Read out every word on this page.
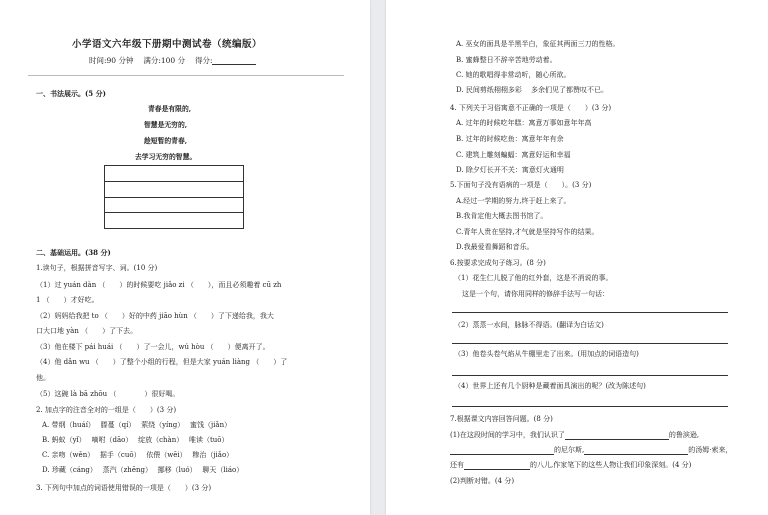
小学语文六年级下册期中测试卷（统编版）
时间:90 分钟　 满分:100 分　 得分:
一、书法展示。(5 分)
青春是有限的,
智慧是无穷的,
趁短暂的青春,
去学习无穷的智慧。
二、基础运用。(38 分)
1.读句子，根据拼音写字、词。(10 分)
（1）过 yuán dàn （　　）的时候要吃 jiǎo zi （　　），而且必须趣着 cū zh
1 （　　）才好吃。
（2）妈妈给我把 to （　　）好的中药 jiāo hùn （　　）了下递给我，我大
口大口地 yàn （　　）了下去。
（3）他在楼下 pái huái （　　）了一会儿，wú hòu （　　）便离开了。
（4）他 dǎn wu （　　）了整个小组的行程，但是大家 yuán liàng （　　）了
他。
（5）这碗 là bā zhōu （　　　　）很好喝。
2. 加点字的注音全对的一组是（　　）(3 分)
A. 带纲（huáí）　 滕蔓（qí）　 萦绕（yíng）　 蜜饯（jiǎn）
B. 蚂蚁（yǐ）　 嘀咐（dāo）　 绽放（chàn）　 唯读（tuō）
C. 亲吻（wěn）　 据手（cuō）　 依偎（wēi）　 糁治（jiǎo）
D. 珍藏（cáng）　 蒸汽（zhēng）　 挪移（luó）　 聊天（liáo）
3. 下列句中加点的词语使用错误的一项是（　　）(3 分)
A. 巫女的面具是半黑半白，象征其两面三刀的性格。
B. 蜜蜂整日不辞辛苦地劳动着。
C. 她的歌唱得非常动听，随心所欲。
D. 民间剪纸栩栩多彩　 多余们见了都赞叹不已。
4. 下列关于习俗寓意不正确的一项是（　　）(3 分)
A. 过年的时候吃年糕：寓意万事如意年年高
B. 过年的时候吃鱼：寓意年年有余
C. 建筑上雕刻蝙蝠：寓意好运和幸福
D. 除夕灯长开不关：寓意灯火通明
5.下面句子没有语病的一项是（　　）。(3 分)
A.经过一学期的努力,终于赶上来了。
B.我肯定他大概去图书馆了。
C.青年人贵在坚持,才气就是坚持写作的结果。
D.我最爱看舞蹈和音乐。
6.按要求完成句子练习。(8 分)
（1）花生仁儿脱了他的红外套，这是不消说的事。
这是一个句，请你用同样的修辞手法写一句话：
（2）蒸蒸一水间，脉脉不得语。(翻译为白话文)
（3）他卷头卷气焰从牛棚里走了出来。(用加点的词语造句)
（4）世界上还有几个厨种是藏着面具演出的呢？(改为陈述句)
7.根据课文内容回答问题。(8 分)
(1)在这段时间的学习中，我们认识了	的鲁滨逊,
的尼尔斯,	的汤姆·索来，
还有	的八儿,作家笔下的这些人物让我们印象深刻。(4 分)
(2)判断对错。(4 分)
